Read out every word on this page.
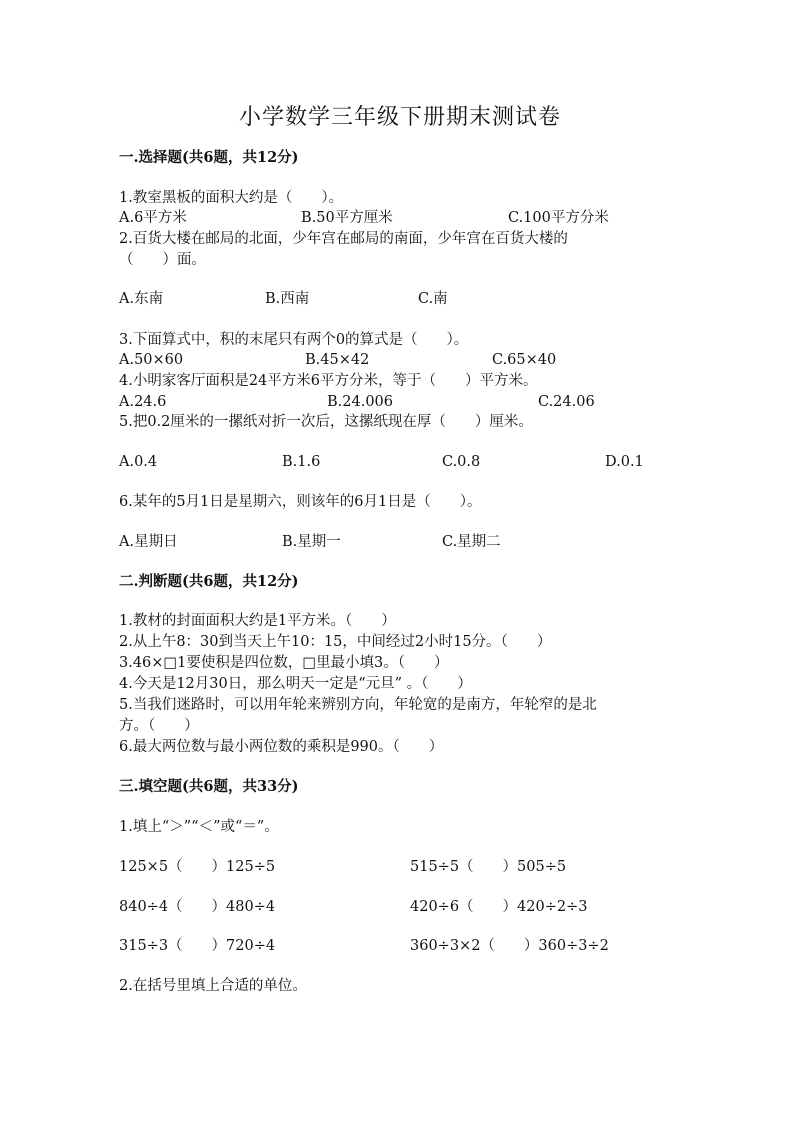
小学数学三年级下册期末测试卷
一.选择题(共6题，共12分)
1.教室黑板的面积大约是（　　）。
A.6平方米	B.50平方厘米	C.100平方分米
2.百货大楼在邮局的北面，少年宫在邮局的南面，少年宫在百货大楼的
（　　）面。
A.东南	B.西南	C.南
3.下面算式中，积的末尾只有两个0的算式是（　　）。
A.50×60	B.45×42	C.65×40
4.小明家客厅面积是24平方米6平方分米，等于（　　）平方米。
A.24.6	B.24.006	C.24.06
5.把0.2厘米的一摞纸对折一次后，这摞纸现在厚（　　）厘米。
A.0.4	B.1.6	C.0.8	D.0.1
6.某年的5月1日是星期六，则该年的6月1日是（　　）。
A.星期日	B.星期一	C.星期二
二.判断题(共6题，共12分)
1.教材的封面面积大约是1平方米。（　　）
2.从上午8：30到当天上午10：15，中间经过2小时15分。（　　）
3.46×□1要使积是四位数，□里最小填3。（　　）
4.今天是12月30日，那么明天一定是“元旦” 。（　　）
5.当我们迷路时，可以用年轮来辨别方向，年轮宽的是南方，年轮窄的是北
方。（　　）
6.最大两位数与最小两位数的乘积是990。（　　）
三.填空题(共6题，共33分)
1.填上“＞”“＜”或“＝”。
125×5（　　）125÷5	515÷5（　　）505÷5
840÷4（　　）480÷4	420÷6（　　）420÷2÷3
315÷3（　　）720÷4	360÷3×2（　　）360÷3÷2
2.在括号里填上合适的单位。
